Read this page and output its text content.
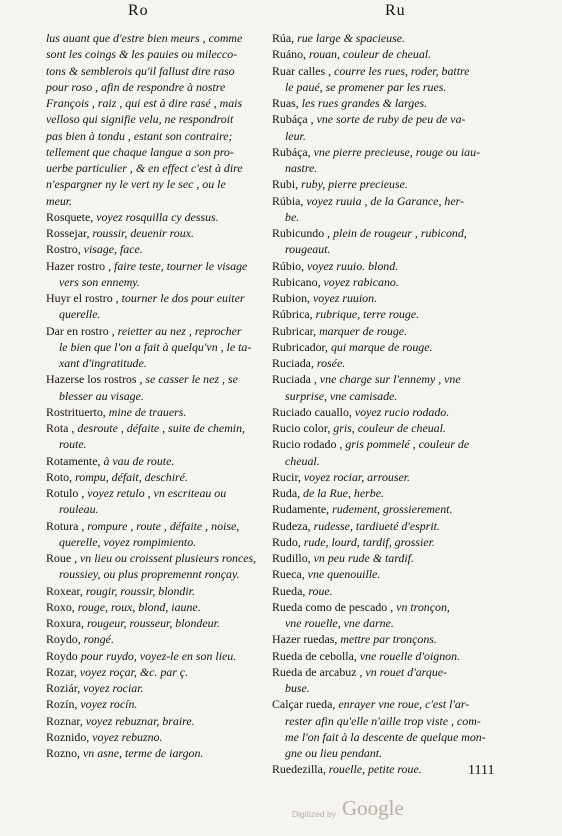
Ro	Ru
lus auant que d'estre bien meurs , comme
sont les coings & les pauies ou milecco-
tons & semblerois qu'il fallust dire raso
pour roso , afin de respondre à nostre
François , raiz , qui est à dire rasé , mais
velloso qui signifie velu, ne respondroit
pas bien à tondu , estant son contraire;
tellement que chaque langue a son pro-
uerbe particulier , & en effect c'est à dire
n'espargner ny le vert ny le sec , ou le
meur.
Rosquete, voyez rosquilla cy dessus.
Rossejar, roussir, deuenir roux.
Rostro, visage, face.
Hazer rostro , faire teste, tourner le visage
vers son ennemy.
Huyr el rostro , tourner le dos pour euiter
querelle.
Dar en rostro , reietter au nez , reprocher
le bien que l'on a fait à quelqu'vn , le ta-
xant d'ingratitude.
Hazerse los rostros , se casser le nez , se
blesser au visage.
Rostrituerto, mine de trauers.
Rota , desroute , défaite , suite de chemin,
route.
Rotamente, à vau de route.
Roto, rompu, défait, deschiré.
Rotulo , voyez retulo , vn escriteau ou
rouleau.
Rotura , rompure , route , défaite , noise,
querelle, voyez rompimiento.
Roue , vn lieu ou croissent plusieurs ronces,
roussiey, ou plus propremennt ronçay.
Roxear, rougir, roussir, blondir.
Roxo, rouge, roux, blond, iaune.
Roxura, rougeur, rousseur, blondeur.
Roydo, rongé.
Roydo pour ruydo, voyez-le en son lieu.
Rozar, voyez roçar, &c. par ç.
Roziár, voyez rociar.
Rozín, voyez rocín.
Roznar, voyez rebuznar, braire.
Roznido, voyez rebuzno.
Rozno, vn asne, terme de iargon.
Rúa, rue large & spacieuse.
Ruáno, rouan, couleur de cheual.
Ruar calles , courre les rues, roder, battre
le paué, se promener par les rues.
Ruas, les rues grandes & larges.
Rubáça , vne sorte de ruby de peu de va-
leur.
Rubáça, vne pierre precieuse, rouge ou iau-
nastre.
Rubi, ruby, pierre precieuse.
Rúbia, voyez ruuia , de la Garance, her-
be.
Rubicundo , plein de rougeur , rubicond,
rougeaut.
Rúbio, voyez ruuio. blond.
Rubicano, voyez rabicano.
Rubion, voyez ruuion.
Rúbrica, rubrique, terre rouge.
Rubricar, marquer de rouge.
Rubricador, qui marque de rouge.
Ruciada, rosée.
Ruciada , vne charge sur l'ennemy , vne
surprise, vne camisade.
Ruciado cauallo, voyez rucio rodado.
Rucio color, gris, couleur de cheual.
Rucio rodado , gris pommelé , couleur de
cheual.
Rucir, voyez rociar, arrouser.
Ruda, de la Rue, herbe.
Rudamente, rudement, grossierement.
Rudeza, rudesse, tardiueté d'esprit.
Rudo, rude, lourd, tardif, grossier.
Rudillo, vn peu rude & tardif.
Rueca, vne quenouille.
Rueda, roue.
Rueda como de pescado , vn tronçon,
vne rouelle, vne darne.
Hazer ruedas, mettre par tronçons.
Rueda de cebolla, vne rouelle d'oignon.
Rueda de arcabuz , vn rouet d'arque-
buse.
Calçar rueda, enrayer vne roue, c'est l'ar-
rester afin qu'elle n'aille trop viste , com-
me l'on fait à la descente de quelque mon-
gne ou lieu pendant.
Ruedezilla, rouelle, petite roue.	1111
Digitized by Google
